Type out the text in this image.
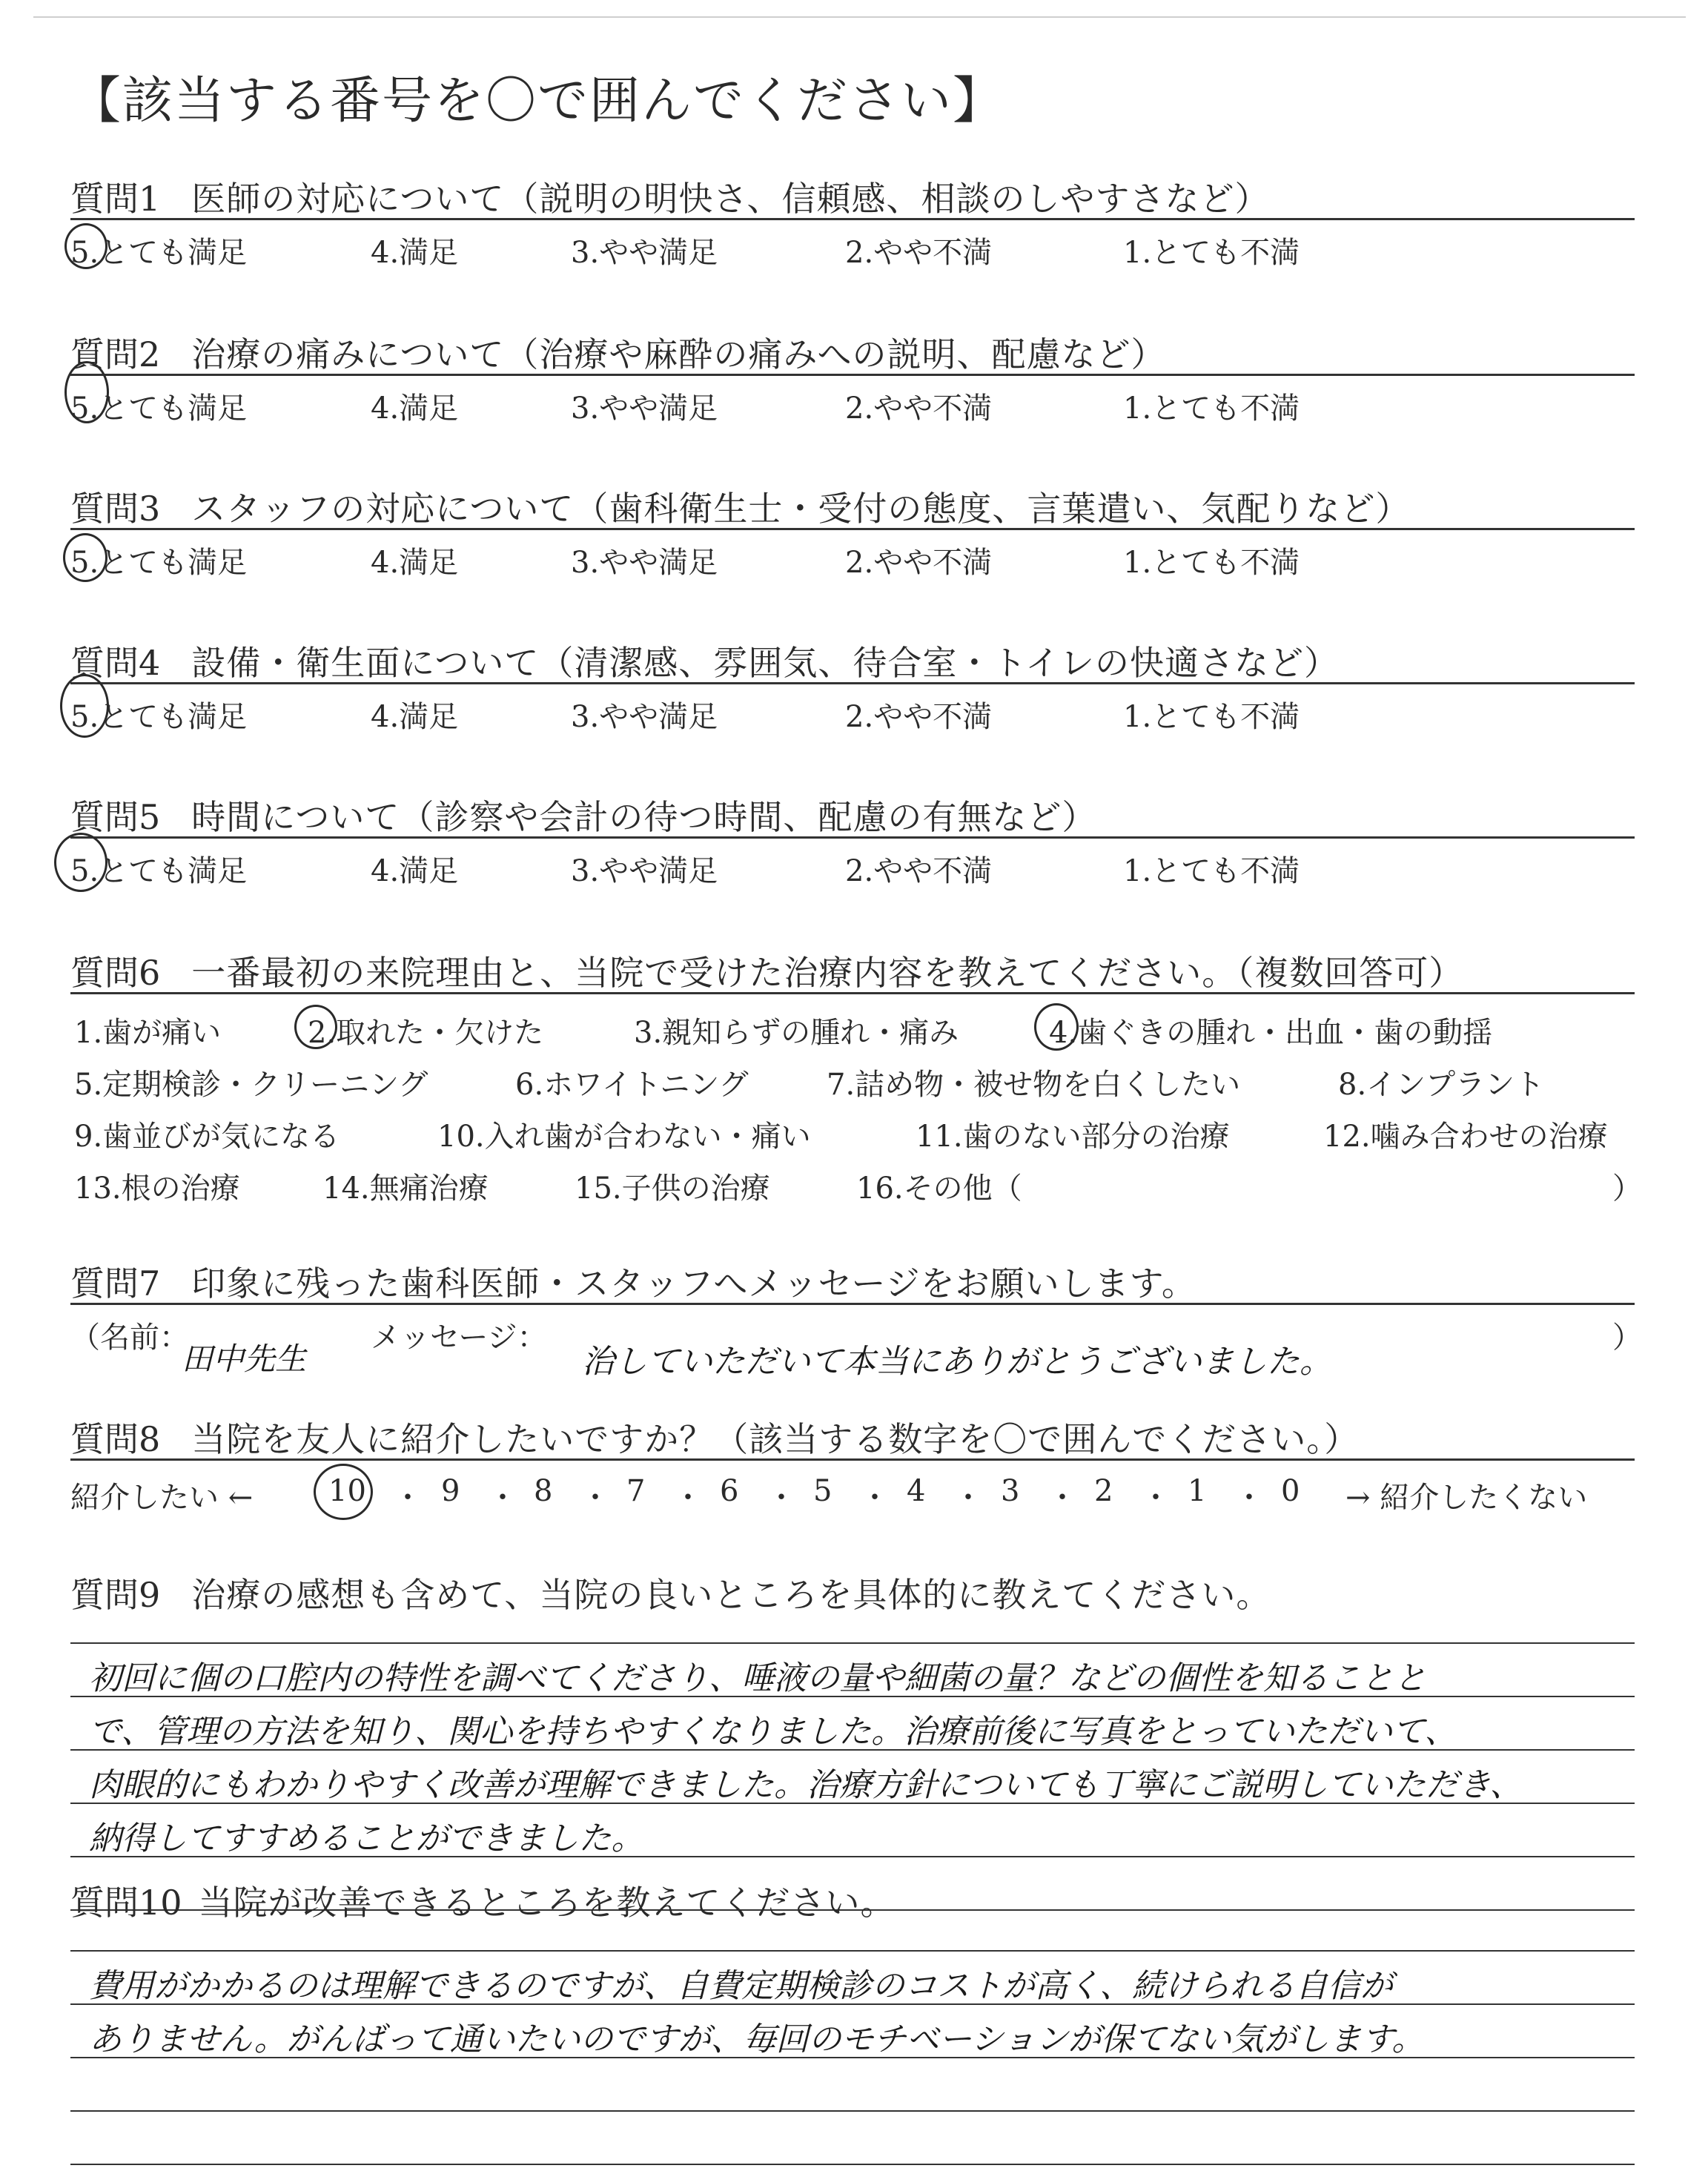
【該当する番号を〇で囲んでください】
質問1 医師の対応について（説明の明快さ、信頼感、相談のしやすさなど）
5.とても満足	4.満足	3.やや満足	2.やや不満	1.とても不満
質問2 治療の痛みについて（治療や麻酔の痛みへの説明、配慮など）
5.とても満足	4.満足	3.やや満足	2.やや不満	1.とても不満
質問3 スタッフの対応について（歯科衛生士・受付の態度、言葉遣い、気配りなど）
5.とても満足	4.満足	3.やや満足	2.やや不満	1.とても不満
質問4 設備・衛生面について（清潔感、雰囲気、待合室・トイレの快適さなど）
5.とても満足	4.満足	3.やや満足	2.やや不満	1.とても不満
質問5 時間について（診察や会計の待つ時間、配慮の有無など）
5.とても満足	4.満足	3.やや満足	2.やや不満	1.とても不満
質問6 一番最初の来院理由と、当院で受けた治療内容を教えてください。（複数回答可）
1.歯が痛い	2.取れた・欠けた	3.親知らずの腫れ・痛み	4.歯ぐきの腫れ・出血・歯の動揺
5.定期検診・クリーニング	6.ホワイトニング	7.詰め物・被せ物を白くしたい	8.インプラント
9.歯並びが気になる	10.入れ歯が合わない・痛い	11.歯のない部分の治療	12.噛み合わせの治療
13.根の治療	14.無痛治療	15.子供の治療	16.その他（	）
質問7 印象に残った歯科医師・スタッフへメッセージをお願いします。
（名前：
田中先生
メッセージ：
治していただいて本当にありがとうございました。
）
質問8 当院を友人に紹介したいですか？（該当する数字を〇で囲んでください。）
紹介したい ←	10 ・ 9 ・ 8 ・ 7 ・ 6 ・ 5 ・ 4 ・ 3 ・ 2 ・ 1 ・ 0 → 紹介したくない
質問9 治療の感想も含めて、当院の良いところを具体的に教えてください。
初回に個の口腔内の特性を調べてくださり、唾液の量や細菌の量？などの個性を知ることと
で、管理の方法を知り、関心を持ちやすくなりました。治療前後に写真をとっていただいて、
肉眼的にもわかりやすく改善が理解できました。治療方針についても丁寧にご説明していただき、
納得してすすめることができました。
質問10 当院が改善できるところを教えてください。
費用がかかるのは理解できるのですが、自費定期検診のコストが高く、続けられる自信が
ありません。がんばって通いたいのですが、毎回のモチベーションが保てない気がします。
